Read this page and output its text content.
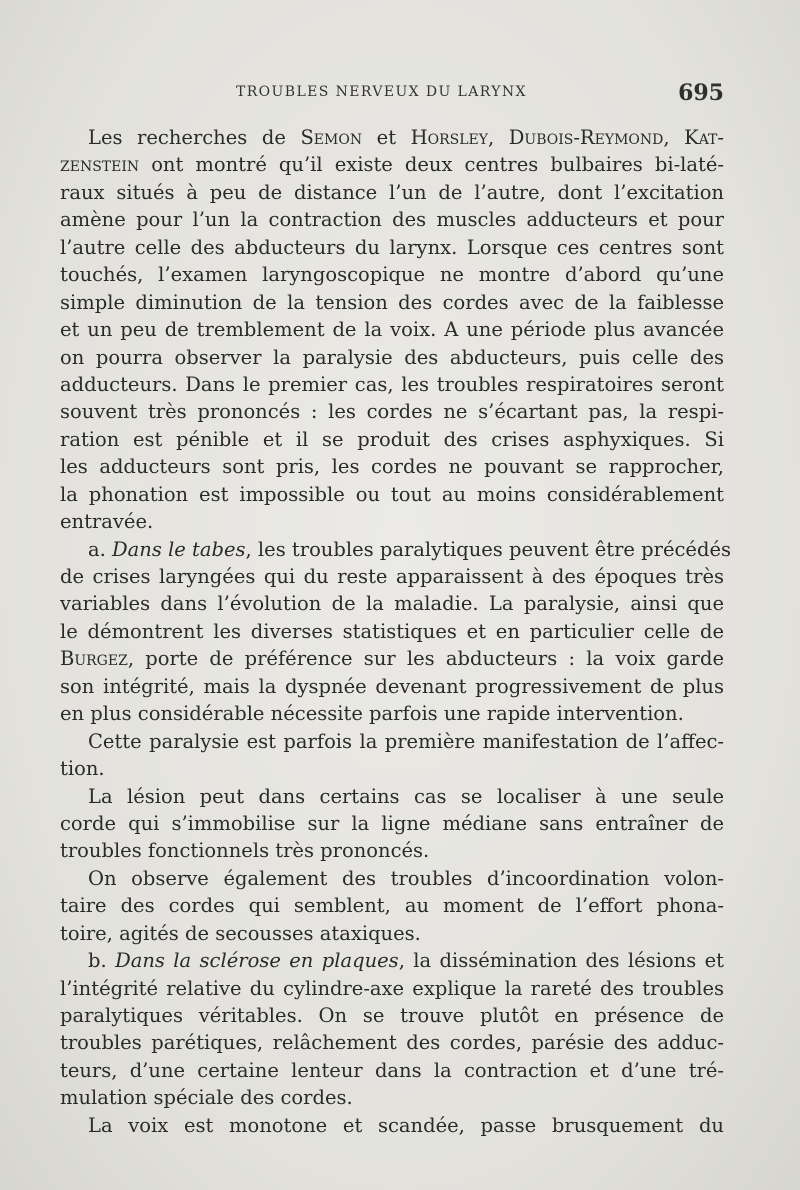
TROUBLES NERVEUX DU LARYNX	695
Les recherches de Semon et Horsley, Dubois-Reymond, Kat-
zenstein ont montré qu’il existe deux centres bulbaires bi-laté-
raux situés à peu de distance l’un de l’autre, dont l’excitation
amène pour l’un la contraction des muscles adducteurs et pour
l’autre celle des abducteurs du larynx. Lorsque ces centres sont
touchés, l’examen laryngoscopique ne montre d’abord qu’une
simple diminution de la tension des cordes avec de la faiblesse
et un peu de tremblement de la voix. A une période plus avancée
on pourra observer la paralysie des abducteurs, puis celle des
adducteurs. Dans le premier cas, les troubles respiratoires seront
souvent très prononcés : les cordes ne s’écartant pas, la respi-
ration est pénible et il se produit des crises asphyxiques. Si
les adducteurs sont pris, les cordes ne pouvant se rapprocher,
la phonation est impossible ou tout au moins considérablement
entravée.
a. Dans le tabes, les troubles paralytiques peuvent être précédés
de crises laryngées qui du reste apparaissent à des époques très
variables dans l’évolution de la maladie. La paralysie, ainsi que
le démontrent les diverses statistiques et en particulier celle de
Burgez, porte de préférence sur les abducteurs : la voix garde
son intégrité, mais la dyspnée devenant progressivement de plus
en plus considérable nécessite parfois une rapide intervention.
Cette paralysie est parfois la première manifestation de l’affec-
tion.
La lésion peut dans certains cas se localiser à une seule
corde qui s’immobilise sur la ligne médiane sans entraîner de
troubles fonctionnels très prononcés.
On observe également des troubles d’incoordination volon-
taire des cordes qui semblent, au moment de l’effort phona-
toire, agités de secousses ataxiques.
b. Dans la sclérose en plaques, la dissémination des lésions et
l’intégrité relative du cylindre-axe explique la rareté des troubles
paralytiques véritables. On se trouve plutôt en présence de
troubles parétiques, relâchement des cordes, parésie des adduc-
teurs, d’une certaine lenteur dans la contraction et d’une tré-
mulation spéciale des cordes.
La voix est monotone et scandée, passe brusquement du
